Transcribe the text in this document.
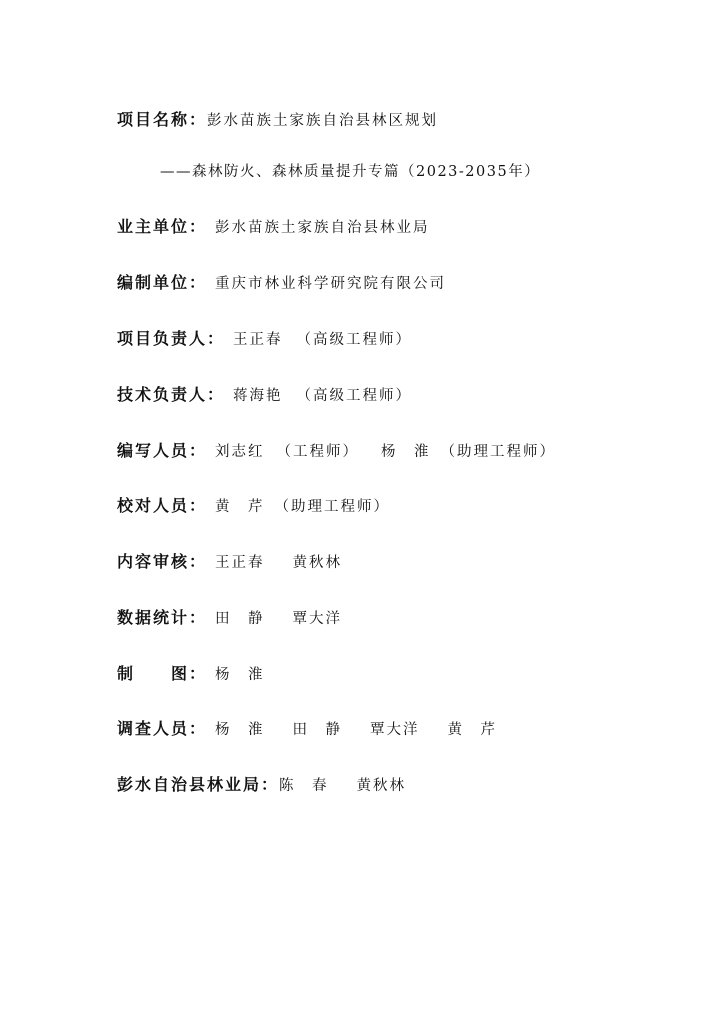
项目名称：彭水苗族土家族自治县林区规划
——森林防火、森林质量提升专篇（2023-2035年）
业主单位： 彭水苗族土家族自治县林业局
编制单位： 重庆市林业科学研究院有限公司
项目负责人： 王正春 （高级工程师）
技术负责人： 蒋海艳 （高级工程师）
编写人员： 刘志红 （工程师） 杨　淮 （助理工程师）
校对人员： 黄　芹 （助理工程师）
内容审核： 王正春 黄秋林
数据统计： 田　静 覃大洋
制　　图： 杨　淮
调查人员： 杨　淮 田　静 覃大洋 黄　芹
彭水自治县林业局：陈　春 黄秋林
